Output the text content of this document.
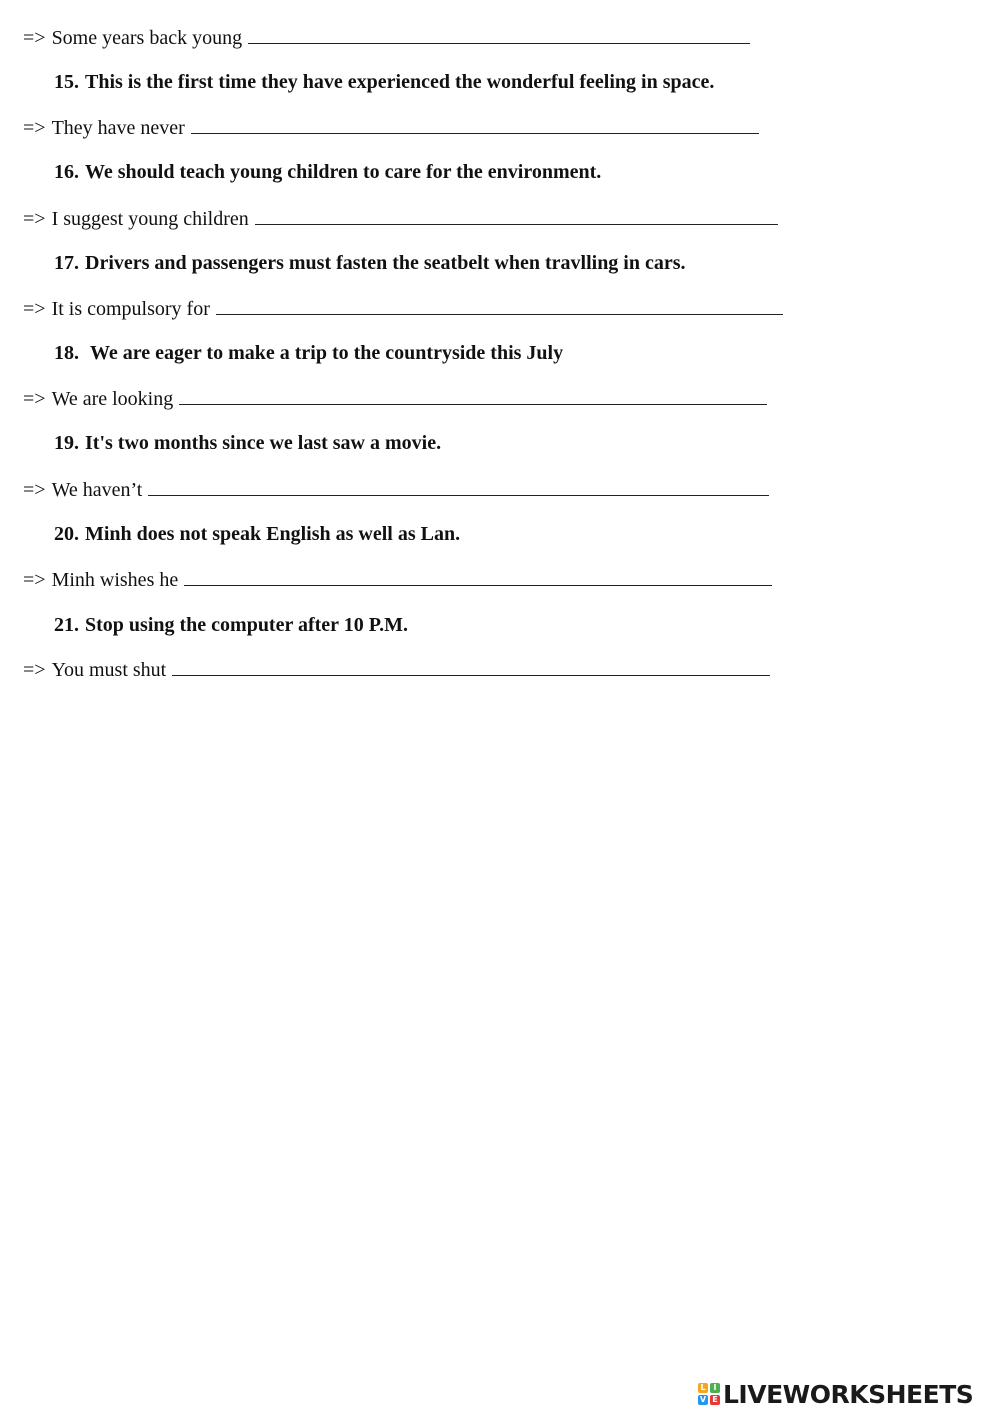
=> Some years back young
15. This is the first time they have experienced the wonderful feeling in space.
=> They have never
16. We should teach young children to care for the environment.
=> I suggest young children
17. Drivers and passengers must fasten the seatbelt when travlling in cars.
=> It is compulsory for
18. We are eager to make a trip to the countryside this July
=> We are looking
19. It's two months since we last saw a movie.
=> We haven’t
20. Minh does not speak English as well as Lan.
=> Minh wishes he
21. Stop using the computer after 10 P.M.
=> You must shut
L I
V E LIVEWORKSHEETS
